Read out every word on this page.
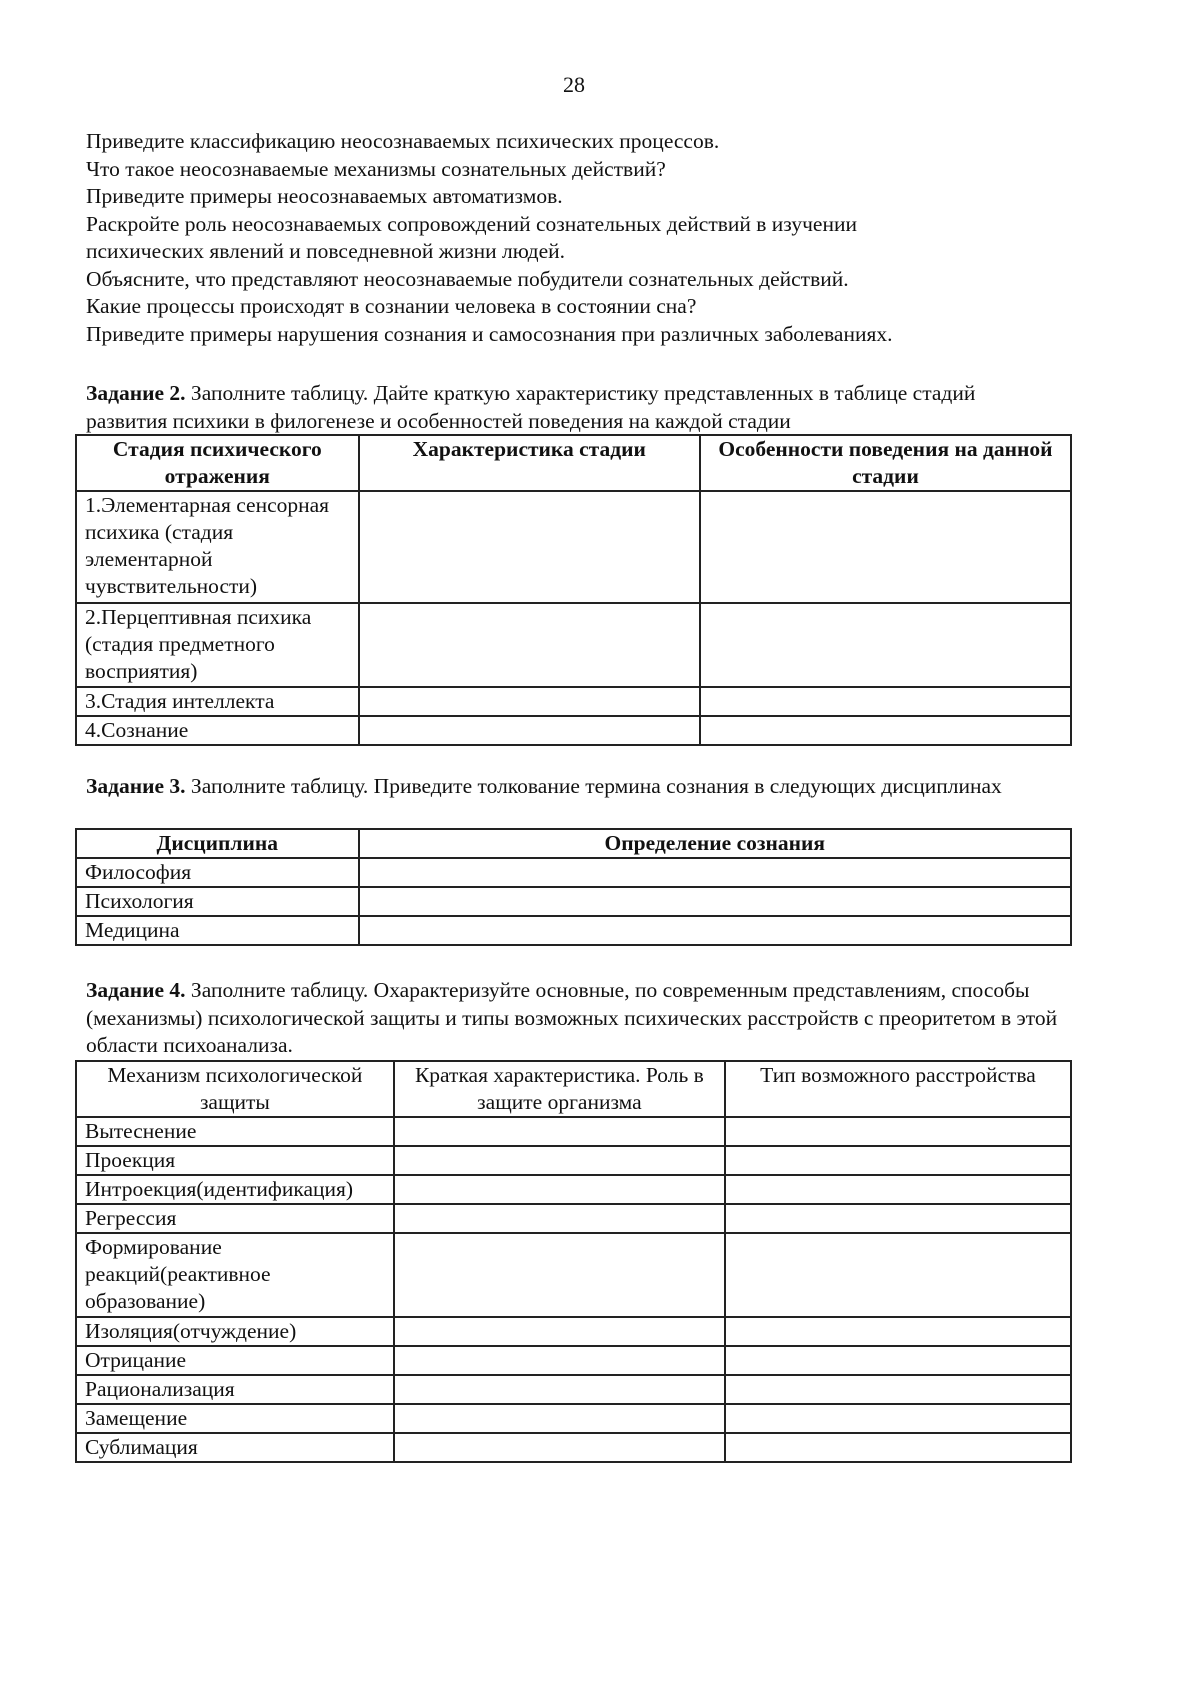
28

Приведите классификацию неосознаваемых психических процессов.

Что такое неосознаваемые механизмы сознательных действий?

Приведите примеры неосознаваемых автоматизмов.

Раскройте роль неосознаваемых сопровождений сознательных действий в изучении психических явлений и повседневной жизни людей.

Объясните, что представляют неосознаваемые побудители сознательных действий.

Какие процессы происходят в сознании человека в состоянии сна?

Приведите примеры нарушения сознания и самосознания при различных заболеваниях.

Задание 2. Заполните таблицу. Дайте краткую характеристику представленных в таблице стадий развития психики в филогенезе и особенностей поведения на каждой стадии

Стадия психического отражения	Характеристика стадии	Особенности поведения на данной стадии
1.Элементарная сенсорная психика (стадия элементарной чувствительности)		
2.Перцептивная психика (стадия предметного восприятия)		
3.Стадия интеллекта		
4.Сознание		

Задание 3. Заполните таблицу. Приведите толкование термина сознания в следующих дисциплинах

Дисциплина	Определение сознания
Философия	
Психология	
Медицина	

Задание 4. Заполните таблицу. Охарактеризуйте основные, по современным представлениям, способы (механизмы) психологической защиты и типы возможных психических расстройств с преоритетом в этой области психоанализа.

Механизм психологической защиты	Краткая характеристика. Роль в защите организма	Тип возможного расстройства
Вытеснение		
Проекция		
Интроекция(идентификация)		
Регрессия		
Формирование реакций(реактивное образование)		
Изоляция(отчуждение)		
Отрицание		
Рационализация		
Замещение		
Сублимация		
